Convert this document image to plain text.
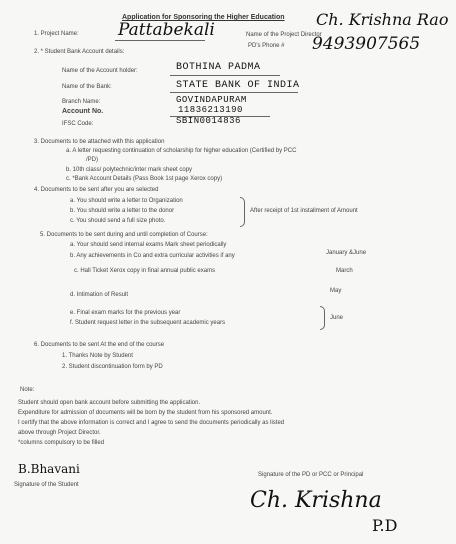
Application for Sponsoring the Higher Education
1. Project Name: Pattabekali	Name of the Project Director
Ch. Krishna Rao
PD's Phone # 9493907565
2. * Student Bank Account details:
Name of the Account holder:	BOTHINA PADMA
Name of the Bank:	STATE BANK OF INDIA
Branch Name:	GOVINDAPURAM
Account No.	11836213190
IFSC Code:	SBIN0014836
3. Documents to be attached with this application
a. A letter requesting continuation of scholarship for higher education (Certified by PCC
/PD)
b. 10th class/ polytechnic/inter mark sheet copy
c. *Bank Account Details (Pass Book 1st page Xerox copy)
4. Documents to be sent after you are selected
a. You should write a letter to Organization
b. You should write a letter to the donor
c. You should send a full size photo.
After receipt of 1st installment of Amount
5. Documents to be sent during and until completion of Course:
a. Your should send internal exams Mark sheet periodically
b. Any achievements in Co and extra curricular activities if any
c. Hall Ticket Xerox copy in final annual public exams
d. Intimation of Result
e. Final exam marks for the previous year
f. Student request letter in the subsequent academic years
January &June
March
May
June
6. Documents to be sent At the end of the course
1. Thanks Note by Student
2. Student discontinuation form by PD
Note:
Student should open bank account before submitting the application.
Expenditure for admission of documents will be born by the student from his sponsored amount.
I certify that the above information is correct and I agree to send the documents periodically as listed
above through Project Director.
*columns compulsory to be filled
B.Bhavani
Signature of the Student
Signature of the PD or PCC or Principal
Ch. Krishna
P.D
